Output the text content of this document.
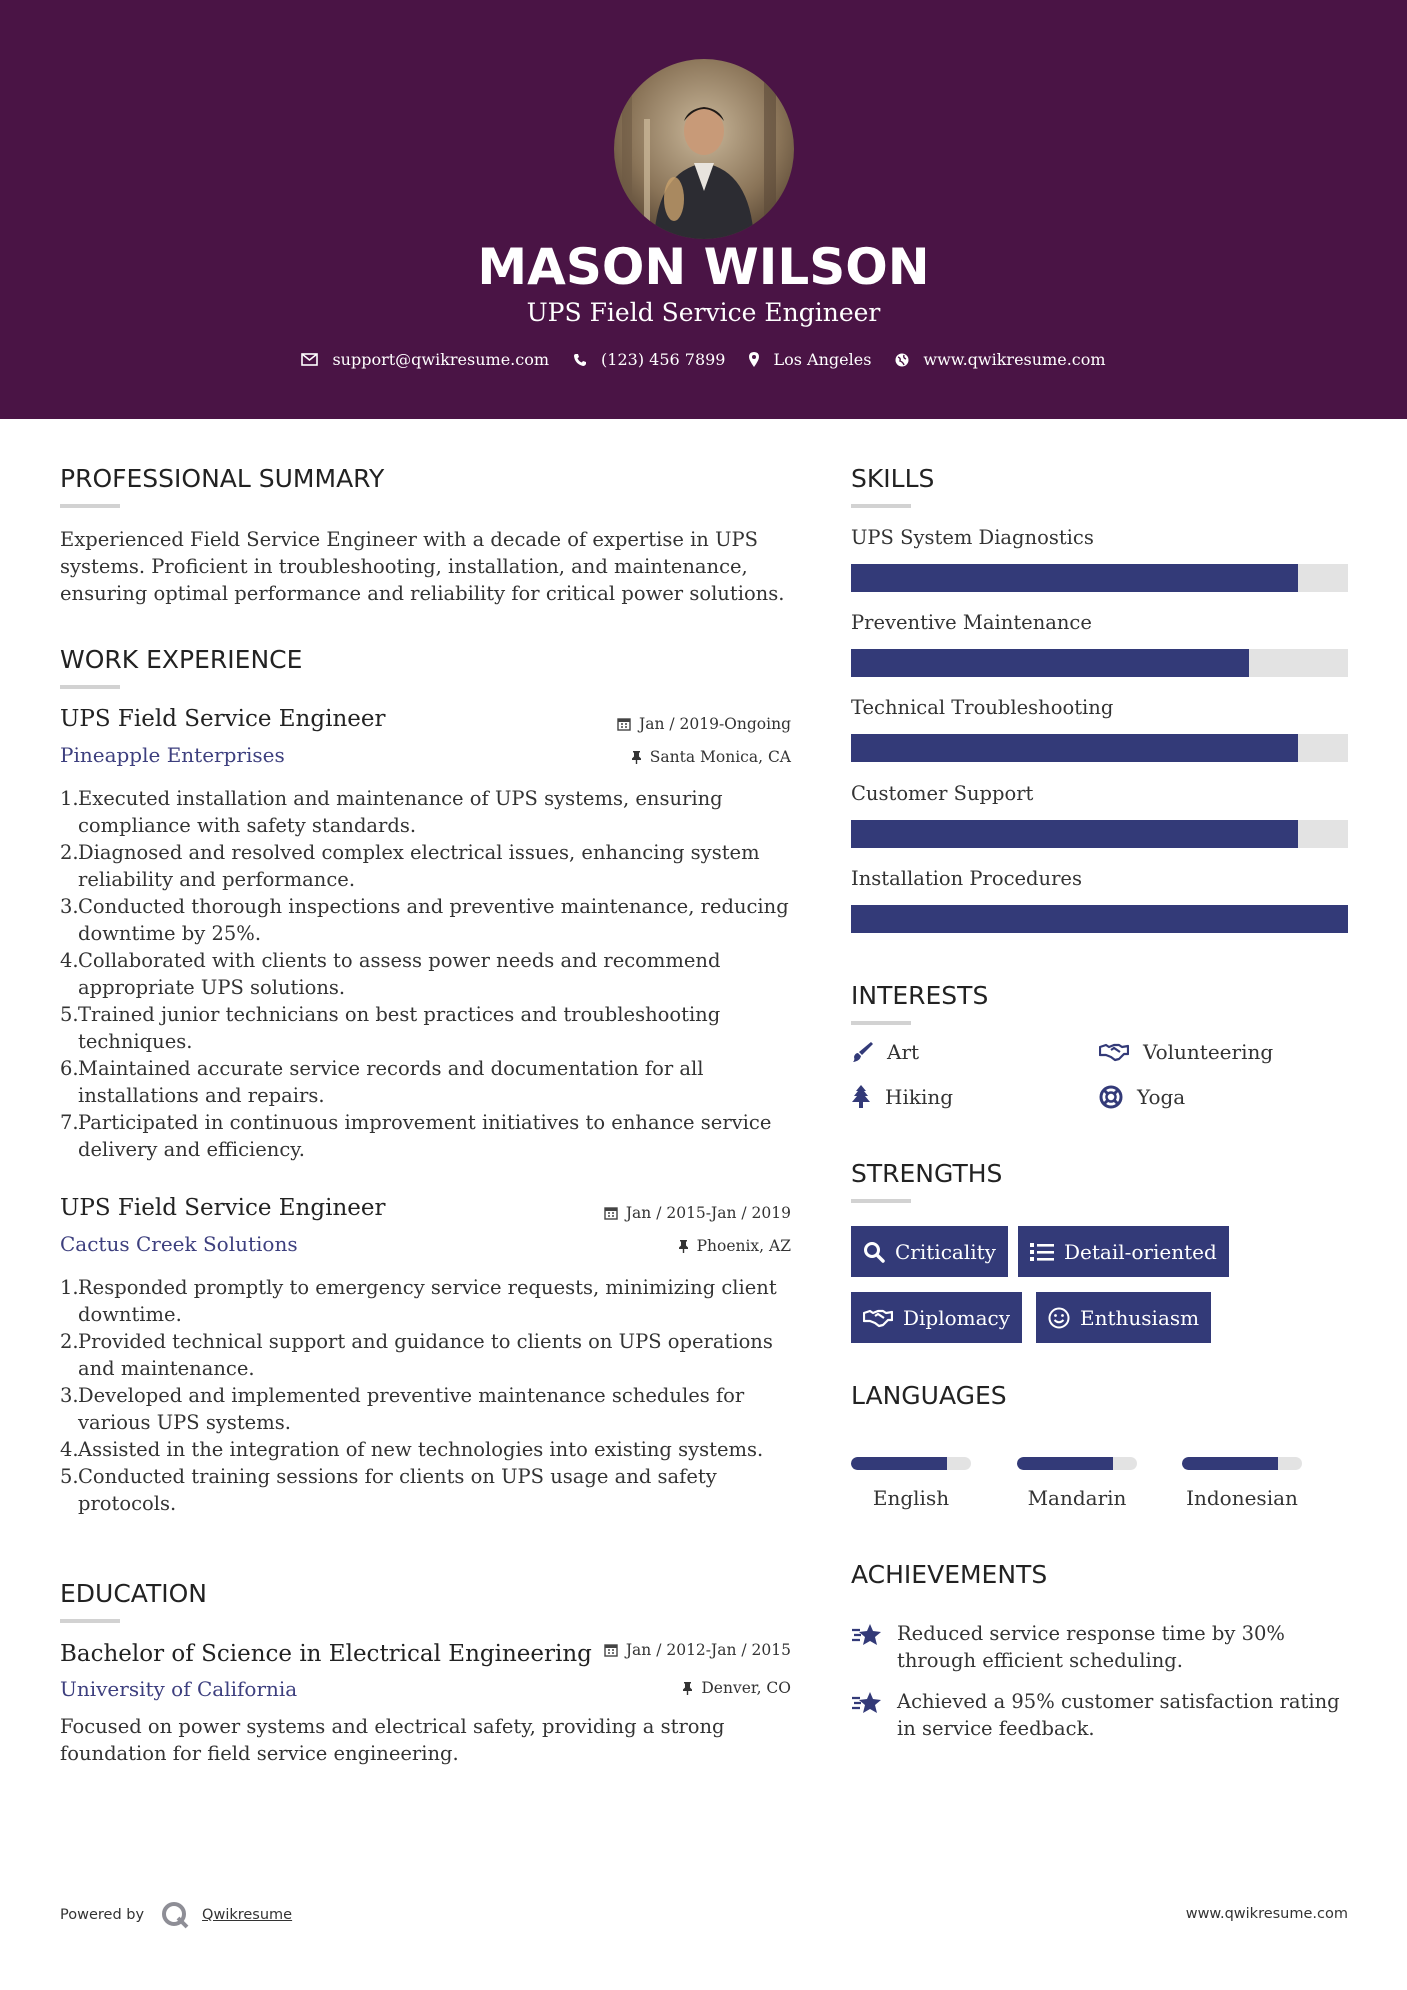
MASON WILSON
UPS Field Service Engineer
support@qwikresume.com	(123) 456 7899	Los Angeles	www.qwikresume.com
PROFESSIONAL SUMMARY
Experienced Field Service Engineer with a decade of expertise in UPS
systems. Proficient in troubleshooting, installation, and maintenance,
ensuring optimal performance and reliability for critical power solutions.
WORK EXPERIENCE
UPS Field Service Engineer	Jan / 2019-Ongoing
Pineapple Enterprises	Santa Monica, CA
1.Executed installation and maintenance of UPS systems, ensuring
compliance with safety standards.
2.Diagnosed and resolved complex electrical issues, enhancing system
reliability and performance.
3.Conducted thorough inspections and preventive maintenance, reducing
downtime by 25%.
4.Collaborated with clients to assess power needs and recommend
appropriate UPS solutions.
5.Trained junior technicians on best practices and troubleshooting
techniques.
6.Maintained accurate service records and documentation for all
installations and repairs.
7.Participated in continuous improvement initiatives to enhance service
delivery and efficiency.
UPS Field Service Engineer	Jan / 2015-Jan / 2019
Cactus Creek Solutions	Phoenix, AZ
1.Responded promptly to emergency service requests, minimizing client
downtime.
2.Provided technical support and guidance to clients on UPS operations
and maintenance.
3.Developed and implemented preventive maintenance schedules for
various UPS systems.
4.Assisted in the integration of new technologies into existing systems.
5.Conducted training sessions for clients on UPS usage and safety
protocols.
EDUCATION
Bachelor of Science in Electrical Engineering Jan / 2012-Jan / 2015
University of California	Denver, CO
Focused on power systems and electrical safety, providing a strong
foundation for field service engineering.
SKILLS
UPS System Diagnostics
Preventive Maintenance
Technical Troubleshooting
Customer Support
Installation Procedures
INTERESTS
Art	Volunteering
Hiking	Yoga
STRENGTHS
Criticality	Detail-oriented
Diplomacy	Enthusiasm
LANGUAGES
English	Mandarin	Indonesian
ACHIEVEMENTS
Reduced service response time by 30%
through efficient scheduling.
Achieved a 95% customer satisfaction rating
in service feedback.
Powered by	Qwikresume	www.qwikresume.com
